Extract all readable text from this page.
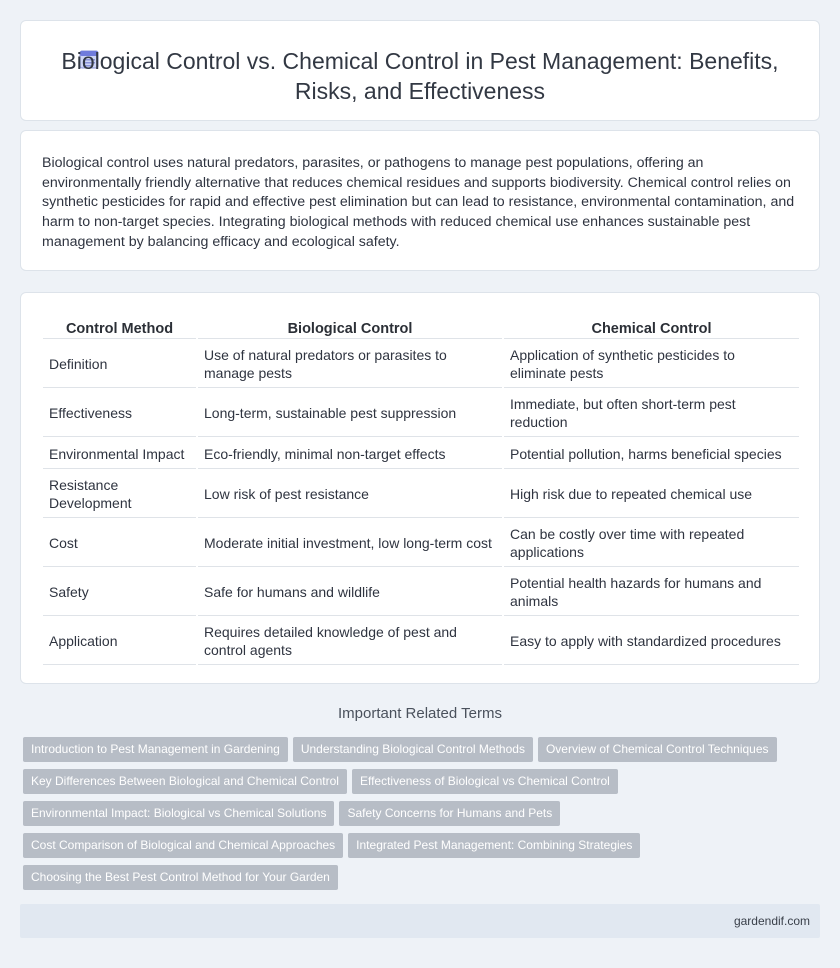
Biological Control vs. Chemical Control in Pest Management: Benefits, Risks, and Effectiveness

Biological control uses natural predators, parasites, or pathogens to manage pest populations, offering an environmentally friendly alternative that reduces chemical residues and supports biodiversity. Chemical control relies on synthetic pesticides for rapid and effective pest elimination but can lead to resistance, environmental contamination, and harm to non-target species. Integrating biological methods with reduced chemical use enhances sustainable pest management by balancing efficacy and ecological safety.

Control Method	Biological Control	Chemical Control
Definition	Use of natural predators or parasites to manage pests	Application of synthetic pesticides to eliminate pests
Effectiveness	Long-term, sustainable pest suppression	Immediate, but often short-term pest reduction
Environmental Impact	Eco-friendly, minimal non-target effects	Potential pollution, harms beneficial species
Resistance Development	Low risk of pest resistance	High risk due to repeated chemical use
Cost	Moderate initial investment, low long-term cost	Can be costly over time with repeated applications
Safety	Safe for humans and wildlife	Potential health hazards for humans and animals
Application	Requires detailed knowledge of pest and control agents	Easy to apply with standardized procedures
Important Related Terms
Introduction to Pest Management in Gardening Understanding Biological Control Methods Overview of Chemical Control Techniques
Key Differences Between Biological and Chemical Control Effectiveness of Biological vs Chemical Control
Environmental Impact: Biological vs Chemical Solutions Safety Concerns for Humans and Pets
Cost Comparison of Biological and Chemical Approaches Integrated Pest Management: Combining Strategies
Choosing the Best Pest Control Method for Your Garden
gardendif.com
